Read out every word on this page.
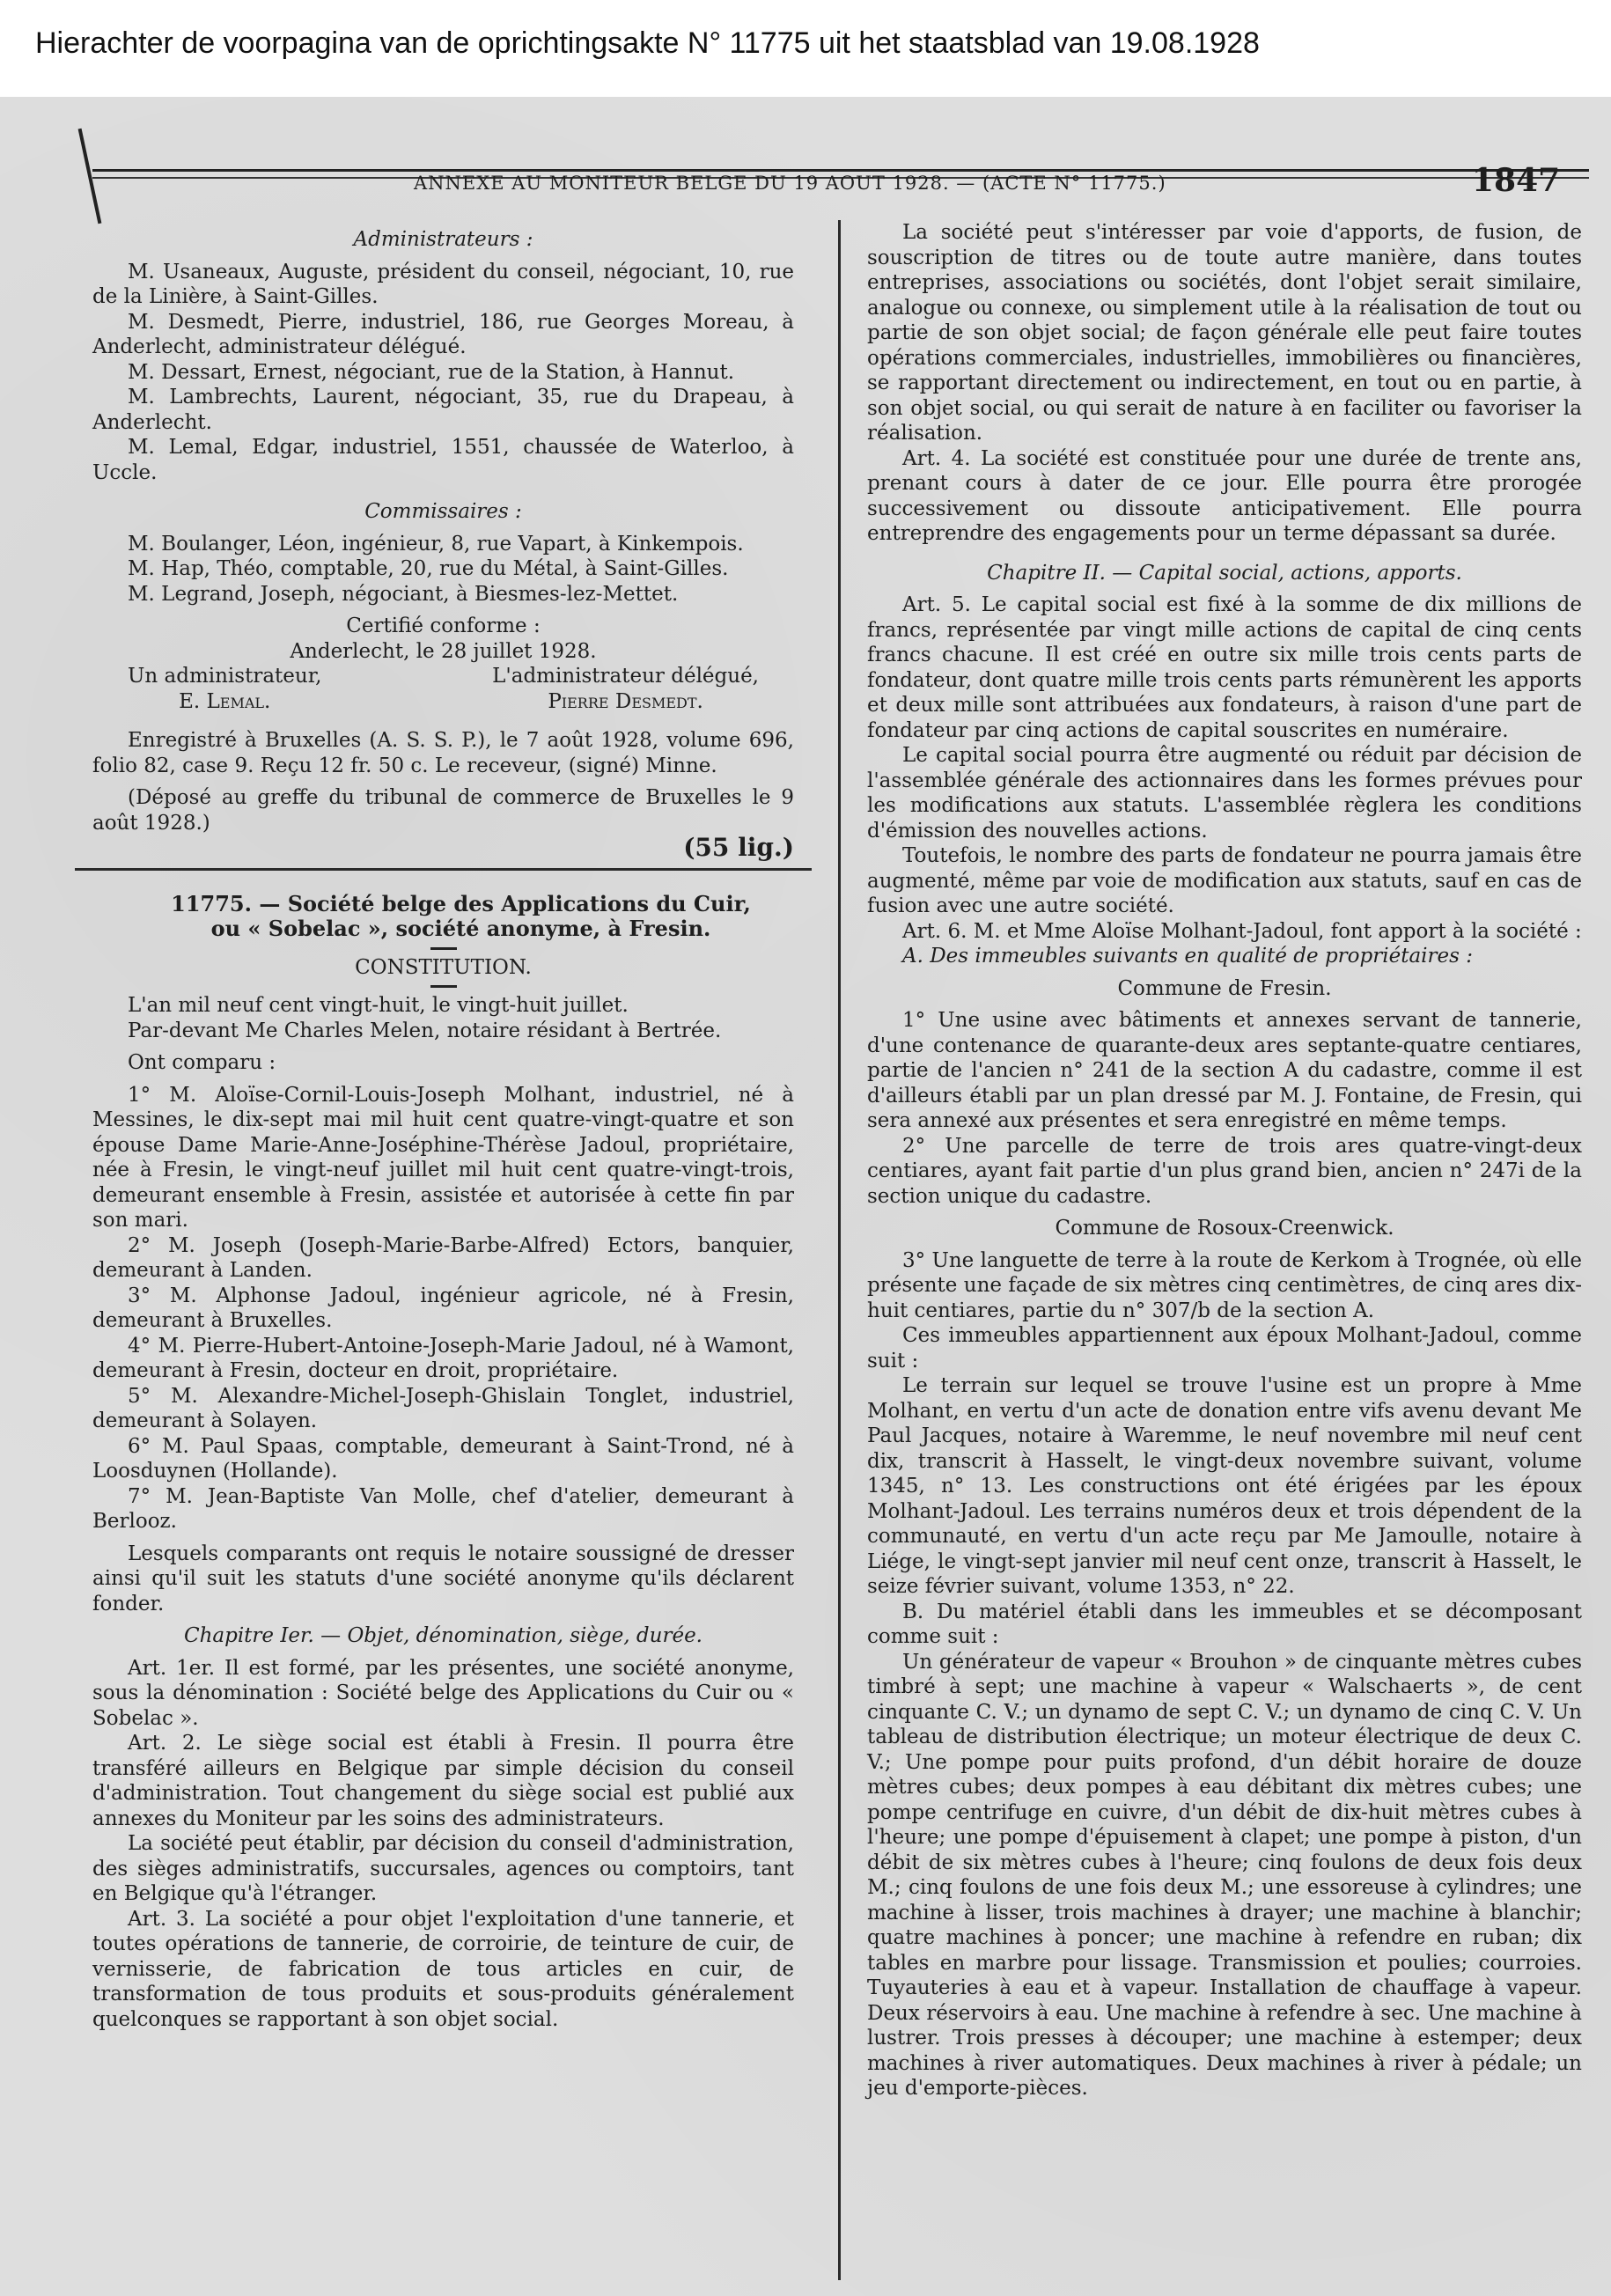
Hierachter de voorpagina van de oprichtingsakte N° 11775 uit het staatsblad van 19.08.1928

ANNEXE AU MONITEUR BELGE DU 19 AOUT 1928. — (ACTE N° 11775.)	1847

Administrateurs :

M. Usaneaux, Auguste, président du conseil, négociant, 10, rue de la Linière, à Saint-Gilles.

M. Desmedt, Pierre, industriel, 186, rue Georges Moreau, à Anderlecht, administrateur délégué.

M. Dessart, Ernest, négociant, rue de la Station, à Hannut.

M. Lambrechts, Laurent, négociant, 35, rue du Drapeau, à Anderlecht.

M. Lemal, Edgar, industriel, 1551, chaussée de Waterloo, à Uccle.

Commissaires :

M. Boulanger, Léon, ingénieur, 8, rue Vapart, à Kinkempois.

M. Hap, Théo, comptable, 20, rue du Métal, à Saint-Gilles.

M. Legrand, Joseph, négociant, à Biesmes-lez-Mettet.

Certifié conforme :

Anderlecht, le 28 juillet 1928.

Un administrateur,
E. Lemal.
L'administrateur délégué,
Pierre Desmedt.

Enregistré à Bruxelles (A. S. S. P.), le 7 août 1928, volume 696, folio 82, case 9. Reçu 12 fr. 50 c. Le receveur, (signé) Minne.

(Déposé au greffe du tribunal de commerce de Bruxelles le 9 août 1928.)

(55 lig.)

11775. — Société belge des Applications du Cuir,

ou « Sobelac », société anonyme, à Fresin.

CONSTITUTION.

L'an mil neuf cent vingt-huit, le vingt-huit juillet.

Par-devant Me Charles Melen, notaire résidant à Bertrée.

Ont comparu :

1° M. Aloïse-Cornil-Louis-Joseph Molhant, industriel, né à Messines, le dix-sept mai mil huit cent quatre-vingt-quatre et son épouse Dame Marie-Anne-Joséphine-Thérèse Jadoul, propriétaire, née à Fresin, le vingt-neuf juillet mil huit cent quatre-vingt-trois, demeurant ensemble à Fresin, assistée et autorisée à cette fin par son mari.

2° M. Joseph (Joseph-Marie-Barbe-Alfred) Ectors, banquier, demeurant à Landen.

3° M. Alphonse Jadoul, ingénieur agricole, né à Fresin, demeurant à Bruxelles.

4° M. Pierre-Hubert-Antoine-Joseph-Marie Jadoul, né à Wamont, demeurant à Fresin, docteur en droit, propriétaire.

5° M. Alexandre-Michel-Joseph-Ghislain Tonglet, industriel, demeurant à Solayen.

6° M. Paul Spaas, comptable, demeurant à Saint-Trond, né à Loosduynen (Hollande).

7° M. Jean-Baptiste Van Molle, chef d'atelier, demeurant à Berlooz.

Lesquels comparants ont requis le notaire soussigné de dresser ainsi qu'il suit les statuts d'une société anonyme qu'ils déclarent fonder.

Chapitre Ier. — Objet, dénomination, siège, durée.

Art. 1er. Il est formé, par les présentes, une société anonyme, sous la dénomination : Société belge des Applications du Cuir ou « Sobelac ».

Art. 2. Le siège social est établi à Fresin. Il pourra être transféré ailleurs en Belgique par simple décision du conseil d'administration. Tout changement du siège social est publié aux annexes du Moniteur par les soins des administrateurs.

La société peut établir, par décision du conseil d'administration, des sièges administratifs, succursales, agences ou comptoirs, tant en Belgique qu'à l'étranger.

Art. 3. La société a pour objet l'exploitation d'une tannerie, et toutes opérations de tannerie, de corroirie, de teinture de cuir, de vernisserie, de fabrication de tous articles en cuir, de transformation de tous produits et sous-produits généralement quelconques se rapportant à son objet social.

La société peut s'intéresser par voie d'apports, de fusion, de souscription de titres ou de toute autre manière, dans toutes entreprises, associations ou sociétés, dont l'objet serait similaire, analogue ou connexe, ou simplement utile à la réalisation de tout ou partie de son objet social; de façon générale elle peut faire toutes opérations commerciales, industrielles, immobilières ou financières, se rapportant directement ou indirectement, en tout ou en partie, à son objet social, ou qui serait de nature à en faciliter ou favoriser la réalisation.

Art. 4. La société est constituée pour une durée de trente ans, prenant cours à dater de ce jour. Elle pourra être prorogée successivement ou dissoute anticipativement. Elle pourra entreprendre des engagements pour un terme dépassant sa durée.

Chapitre II. — Capital social, actions, apports.

Art. 5. Le capital social est fixé à la somme de dix millions de francs, représentée par vingt mille actions de capital de cinq cents francs chacune. Il est créé en outre six mille trois cents parts de fondateur, dont quatre mille trois cents parts rémunèrent les apports et deux mille sont attribuées aux fondateurs, à raison d'une part de fondateur par cinq actions de capital souscrites en numéraire.

Le capital social pourra être augmenté ou réduit par décision de l'assemblée générale des actionnaires dans les formes prévues pour les modifications aux statuts. L'assemblée règlera les conditions d'émission des nouvelles actions.

Toutefois, le nombre des parts de fondateur ne pourra jamais être augmenté, même par voie de modification aux statuts, sauf en cas de fusion avec une autre société.

Art. 6. M. et Mme Aloïse Molhant-Jadoul, font apport à la société :

A. Des immeubles suivants en qualité de propriétaires :

Commune de Fresin.

1° Une usine avec bâtiments et annexes servant de tannerie, d'une contenance de quarante-deux ares septante-quatre centiares, partie de l'ancien n° 241 de la section A du cadastre, comme il est d'ailleurs établi par un plan dressé par M. J. Fontaine, de Fresin, qui sera annexé aux présentes et sera enregistré en même temps.

2° Une parcelle de terre de trois ares quatre-vingt-deux centiares, ayant fait partie d'un plus grand bien, ancien n° 247i de la section unique du cadastre.

Commune de Rosoux-Creenwick.

3° Une languette de terre à la route de Kerkom à Trognée, où elle présente une façade de six mètres cinq centimètres, de cinq ares dix-huit centiares, partie du n° 307/b de la section A.

Ces immeubles appartiennent aux époux Molhant-Jadoul, comme suit :

Le terrain sur lequel se trouve l'usine est un propre à Mme Molhant, en vertu d'un acte de donation entre vifs avenu devant Me Paul Jacques, notaire à Waremme, le neuf novembre mil neuf cent dix, transcrit à Hasselt, le vingt-deux novembre suivant, volume 1345, n° 13. Les constructions ont été érigées par les époux Molhant-Jadoul. Les terrains numéros deux et trois dépendent de la communauté, en vertu d'un acte reçu par Me Jamoulle, notaire à Liége, le vingt-sept janvier mil neuf cent onze, transcrit à Hasselt, le seize février suivant, volume 1353, n° 22.

B. Du matériel établi dans les immeubles et se décomposant comme suit :

Un générateur de vapeur « Brouhon » de cinquante mètres cubes timbré à sept; une machine à vapeur « Walschaerts », de cent cinquante C. V.; un dynamo de sept C. V.; un dynamo de cinq C. V. Un tableau de distribution électrique; un moteur électrique de deux C. V.; Une pompe pour puits profond, d'un débit horaire de douze mètres cubes; deux pompes à eau débitant dix mètres cubes; une pompe centrifuge en cuivre, d'un débit de dix-huit mètres cubes à l'heure; une pompe d'épuisement à clapet; une pompe à piston, d'un débit de six mètres cubes à l'heure; cinq foulons de deux fois deux M.; cinq foulons de une fois deux M.; une essoreuse à cylindres; une machine à lisser, trois machines à drayer; une machine à blanchir; quatre machines à poncer; une machine à refendre en ruban; dix tables en marbre pour lissage. Transmission et poulies; courroies. Tuyauteries à eau et à vapeur. Installation de chauffage à vapeur. Deux réservoirs à eau. Une machine à refendre à sec. Une machine à lustrer. Trois presses à découper; une machine à estemper; deux machines à river automatiques. Deux machines à river à pédale; un jeu d'emporte-pièces.
